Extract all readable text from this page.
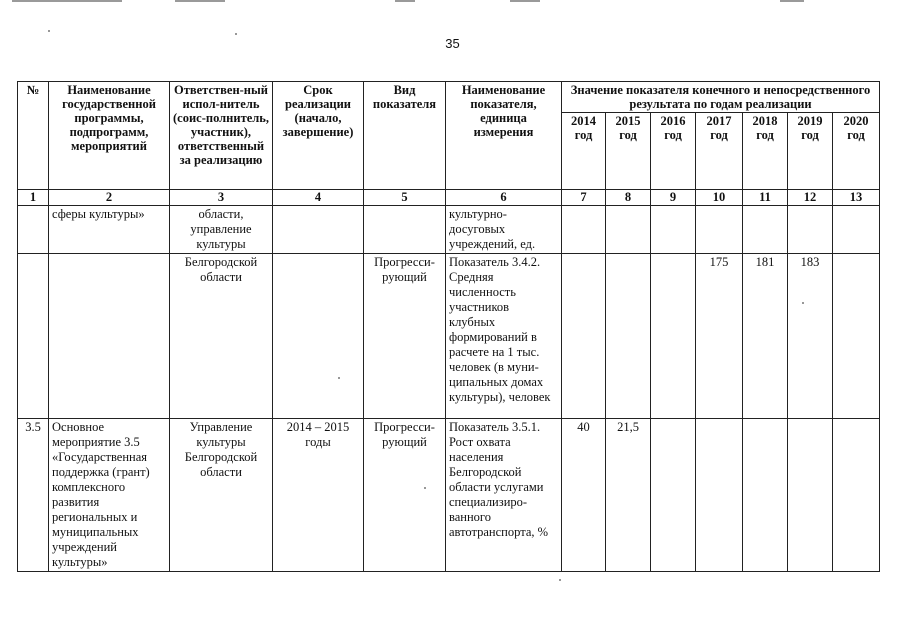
35
№	Наименование государственной программы, подпрограмм, мероприятий	Ответствен-ный испол-нитель (соис-полнитель, участник), ответственный за реализацию	Срок реализации (начало, завершение)	Вид показателя	Наименование показателя, единица измерения	Значение показателя конечного и непосредственного результата по годам реализации						
						2014 год	2015 год	2016 год	2017 год	2018 год	2019 год	2020 год
1	2	3	4	5	6	7	8	9	10	11	12	13
	сферы культуры»	области, управление культуры			культурно-досуговых учреждений, ед.							
		Белгородской области		Прогресси-рующий	Показатель 3.4.2. Средняя численность участников клубных формирований в расчете на 1 тыс. человек (в муни-ципальных домах культуры), человек				175	181	183	
3.5	Основное мероприятие 3.5 «Государственная поддержка (грант) комплексного развития региональных и муниципальных учреждений культуры»	Управление культуры Белгородской области	2014 – 2015 годы	Прогресси-рующий	Показатель 3.5.1. Рост охвата населения Белгородской области услугами специализиро-ванного автотранспорта, %	40	21,5					
